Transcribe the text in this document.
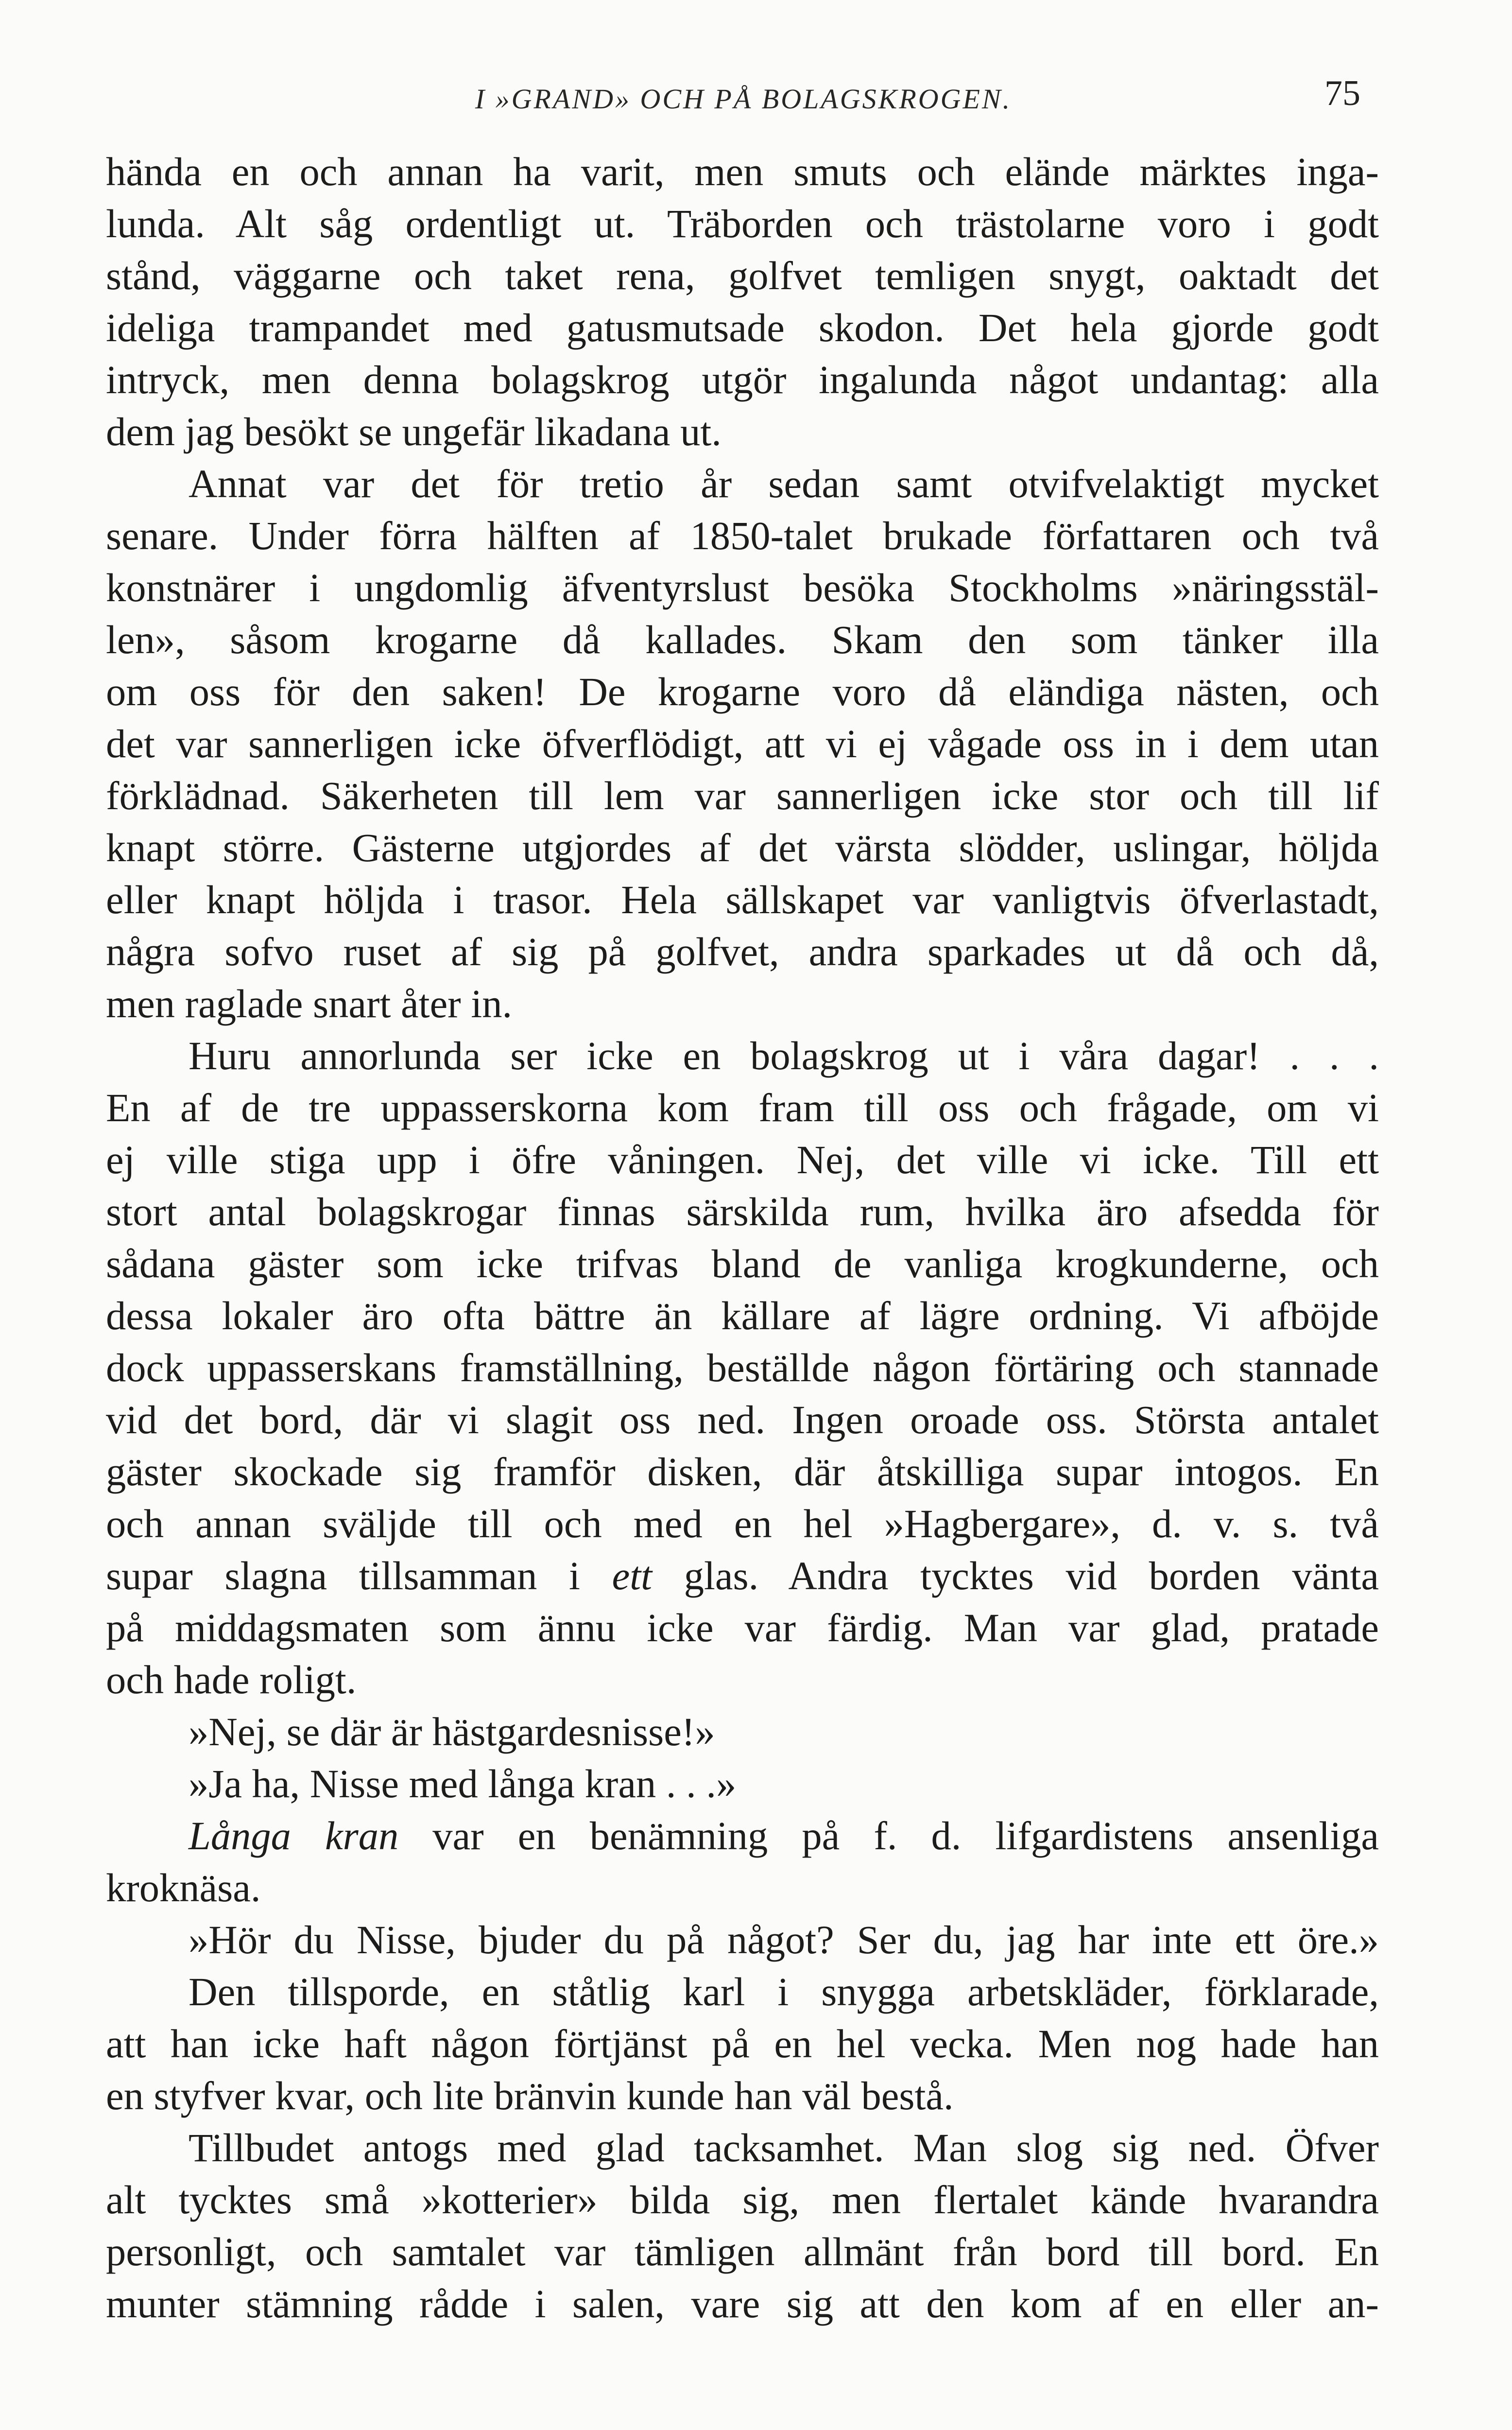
I »GRAND» OCH PÅ BOLAGSKROGEN.	75
hända en och annan ha varit, men smuts och elände märktes inga-
lunda. Alt såg ordentligt ut. Träborden och trästolarne voro i godt
stånd, väggarne och taket rena, golfvet temligen snygt, oaktadt det
ideliga trampandet med gatusmutsade skodon. Det hela gjorde godt
intryck, men denna bolagskrog utgör ingalunda något undantag: alla
dem jag besökt se ungefär likadana ut.
Annat var det för tretio år sedan samt otvifvelaktigt mycket
senare. Under förra hälften af 1850-talet brukade författaren och två
konstnärer i ungdomlig äfventyrslust besöka Stockholms »näringsstäl-
len», såsom krogarne då kallades. Skam den som tänker illa
om oss för den saken! De krogarne voro då eländiga nästen, och
det var sannerligen icke öfverflödigt, att vi ej vågade oss in i dem utan
förklädnad. Säkerheten till lem var sannerligen icke stor och till lif
knapt större. Gästerne utgjordes af det värsta slödder, uslingar, höljda
eller knapt höljda i trasor. Hela sällskapet var vanligtvis öfverlastadt,
några sofvo ruset af sig på golfvet, andra sparkades ut då och då,
men raglade snart åter in.
Huru annorlunda ser icke en bolagskrog ut i våra dagar! . . .
En af de tre uppasserskorna kom fram till oss och frågade, om vi
ej ville stiga upp i öfre våningen. Nej, det ville vi icke. Till ett
stort antal bolagskrogar finnas särskilda rum, hvilka äro afsedda för
sådana gäster som icke trifvas bland de vanliga krogkunderne, och
dessa lokaler äro ofta bättre än källare af lägre ordning. Vi afböjde
dock uppasserskans framställning, beställde någon förtäring och stannade
vid det bord, där vi slagit oss ned. Ingen oroade oss. Största antalet
gäster skockade sig framför disken, där åtskilliga supar intogos. En
och annan sväljde till och med en hel »Hagbergare», d. v. s. två
supar slagna tillsamman i ett glas. Andra tycktes vid borden vänta
på middagsmaten som ännu icke var färdig. Man var glad, pratade
och hade roligt.
»Nej, se där är hästgardesnisse!»
»Ja ha, Nisse med långa kran . . .»
Långa kran var en benämning på f. d. lifgardistens ansenliga
kroknäsa.
»Hör du Nisse, bjuder du på något? Ser du, jag har inte ett öre.»
Den tillsporde, en ståtlig karl i snygga arbetskläder, förklarade,
att han icke haft någon förtjänst på en hel vecka. Men nog hade han
en styfver kvar, och lite bränvin kunde han väl bestå.
Tillbudet antogs med glad tacksamhet. Man slog sig ned. Öfver
alt tycktes små »kotterier» bilda sig, men flertalet kände hvarandra
personligt, och samtalet var tämligen allmänt från bord till bord. En
munter stämning rådde i salen, vare sig att den kom af en eller an-
